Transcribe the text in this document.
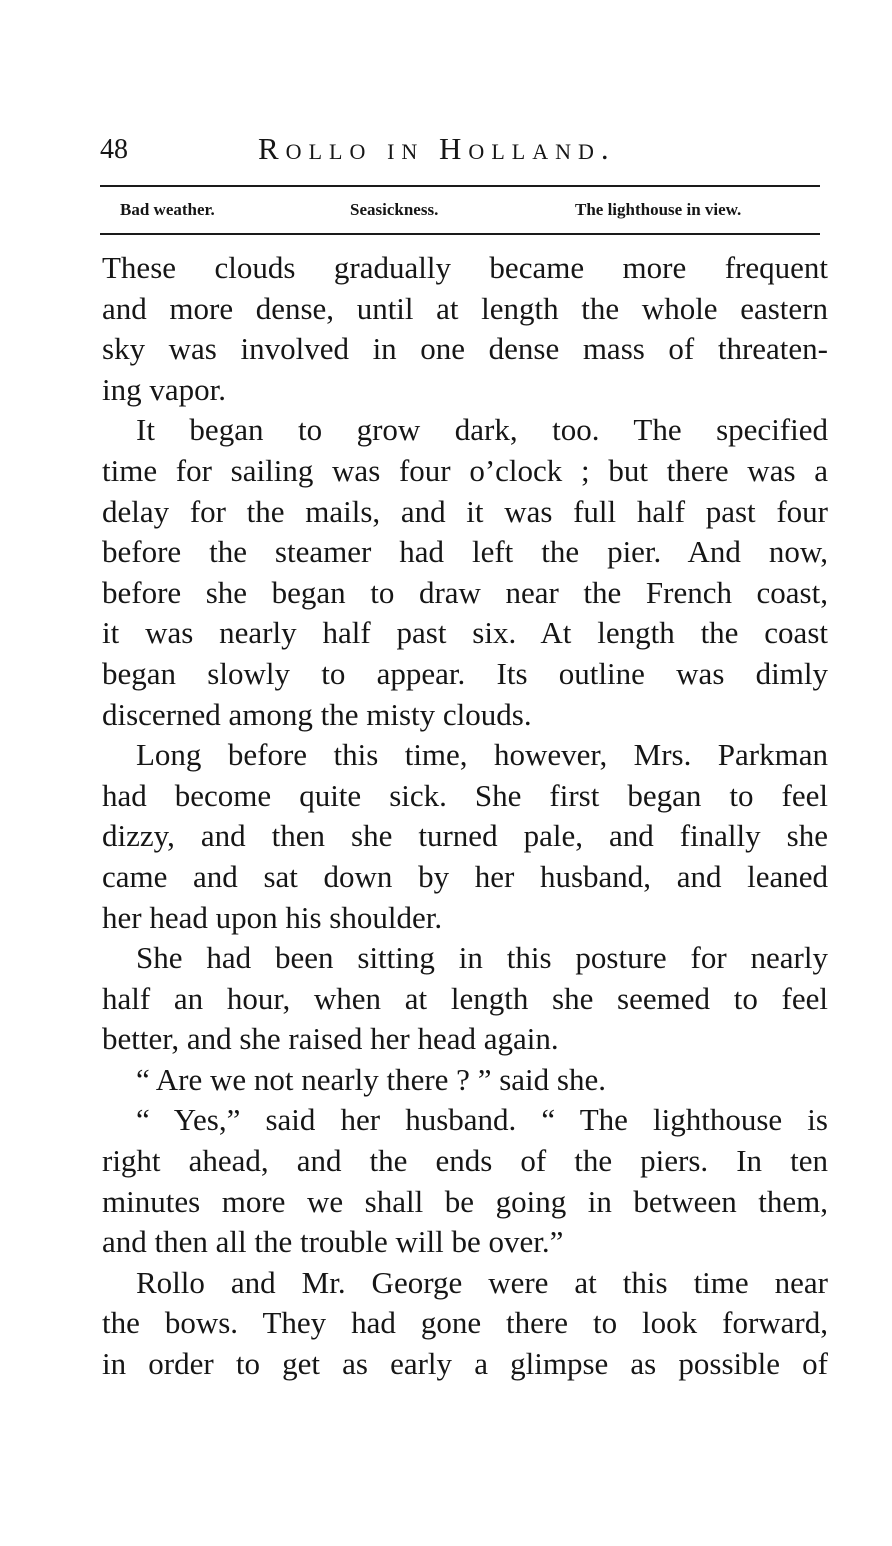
48	Rollo in Holland.
Bad weather.	Seasickness.	The lighthouse in view.
These clouds gradually became more frequent
and more dense, until at length the whole eastern
sky was involved in one dense mass of threaten-
ing vapor.
It began to grow dark, too. The specified
time for sailing was four o’clock ; but there was a
delay for the mails, and it was full half past four
before the steamer had left the pier. And now,
before she began to draw near the French coast,
it was nearly half past six. At length the coast
began slowly to appear. Its outline was dimly
discerned among the misty clouds.
Long before this time, however, Mrs. Parkman
had become quite sick. She first began to feel
dizzy, and then she turned pale, and finally she
came and sat down by her husband, and leaned
her head upon his shoulder.
She had been sitting in this posture for nearly
half an hour, when at length she seemed to feel
better, and she raised her head again.
“ Are we not nearly there ? ” said she.
“ Yes,” said her husband. “ The lighthouse is
right ahead, and the ends of the piers. In ten
minutes more we shall be going in between them,
and then all the trouble will be over.”
Rollo and Mr. George were at this time near
the bows. They had gone there to look forward,
in order to get as early a glimpse as possible of
